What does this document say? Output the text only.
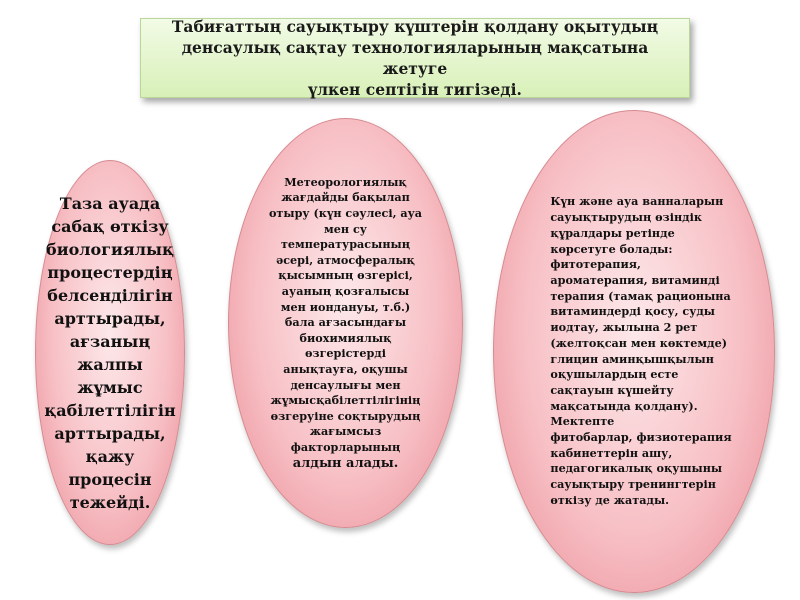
Табиғаттың сауықтыру күштерін қолдану оқытудың
денсаулық сақтау технологияларының мақсатына жетуге
үлкен септігін тигізеді.
Таза ауада
сабақ өткізу
биологиялық
процестердің
белсенділігін
арттырады,
ағзаның
жалпы
жұмыс
қабілеттілігін
арттырады,
қажу
процесін
тежейді.
Метеорологиялық
жағдайды бақылап
отыру (күн сәулесі, ауа
мен су
температурасының
әсері, атмосфералық
қысымның өзгерісі,
ауаның қозғалысы
мен иондануы, т.б.)
бала ағзасындағы
биохимиялық
өзгерістерді
анықтауға, оқушы
денсаулығы мен
жұмысқабілеттілігінің
өзгеруіне соқтырудың
жағымсыз
факторларының
алдын алады.
Күн және ауа ванналарын
сауықтырудың өзіндік
құралдары ретінде
көрсетуге болады:
фитотерапия,
ароматерапия, витаминді
терапия (тамақ рационына
витаминдерді қосу, суды
иодтау, жылына 2 рет
(желтоқсан мен көктемде)
глицин аминқышқылын
оқушылардың есте
сақтауын күшейту
мақсатында қолдану).
Мектепте
фитобарлар, физиотерапия
кабинеттерін ашу,
педагогикалық оқушыны
сауықтыру тренингтерін
өткізу де жатады.
